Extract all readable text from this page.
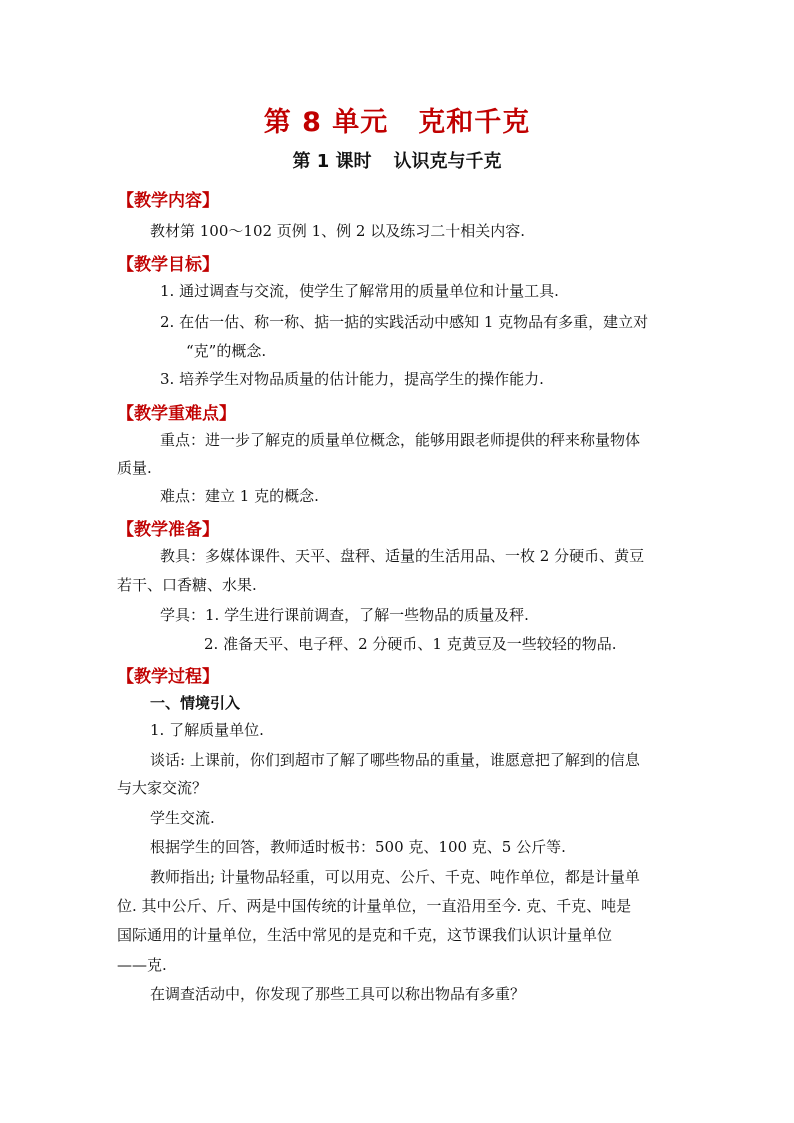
第 8 单元 克和千克
第 1 课时 认识克与千克
【教学内容】
教材第 100～102 页例 1、例 2 以及练习二十相关内容.
【教学目标】
1. 通过调查与交流，使学生了解常用的质量单位和计量工具.
2. 在估一估、称一称、掂一掂的实践活动中感知 1 克物品有多重，建立对
“克”的概念.
3. 培养学生对物品质量的估计能力，提高学生的操作能力.
【教学重难点】
重点：进一步了解克的质量单位概念，能够用跟老师提供的秤来称量物体
质量.
难点：建立 1 克的概念.
【教学准备】
教具：多媒体课件、天平、盘秤、适量的生活用品、一枚 2 分硬币、黄豆
若干、口香糖、水果.
学具：1. 学生进行课前调查，了解一些物品的质量及秤.
2. 准备天平、电子秤、2 分硬币、1 克黄豆及一些较轻的物品.
【教学过程】
一、情境引入
1. 了解质量单位.
谈话: 上课前，你们到超市了解了哪些物品的重量，谁愿意把了解到的信息
与大家交流？
学生交流.
根据学生的回答，教师适时板书：500 克、100 克、5 公斤等.
教师指出; 计量物品轻重，可以用克、公斤、千克、吨作单位，都是计量单
位. 其中公斤、斤、两是中国传统的计量单位，一直沿用至今. 克、千克、吨是
国际通用的计量单位，生活中常见的是克和千克，这节课我们认识计量单位
——克.
在调查活动中，你发现了那些工具可以称出物品有多重？
